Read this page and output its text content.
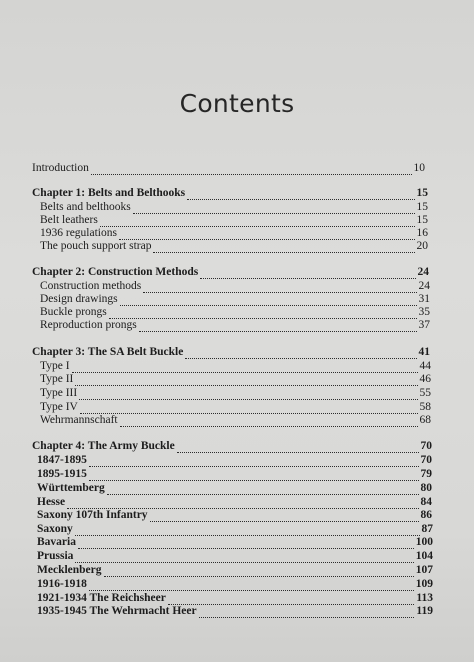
Contents
Introduction	10
Chapter 1: Belts and Belthooks	15
Belts and belthooks	15
Belt leathers	15
1936 regulations	16
The pouch support strap	20
Chapter 2: Construction Methods	24
Construction methods	24
Design drawings	31
Buckle prongs	35
Reproduction prongs	37
Chapter 3: The SA Belt Buckle	41
Type I	44
Type II	46
Type III	55
Type IV	58
Wehrmannschaft	68
Chapter 4: The Army Buckle	70
1847-1895	70
1895-1915	79
Württemberg	80
Hesse	84
Saxony 107th Infantry	86
Saxony	87
Bavaria	100
Prussia	104
Mecklenberg	107
1916-1918	109
1921-1934 The Reichsheer	113
1935-1945 The Wehrmacht Heer	119
